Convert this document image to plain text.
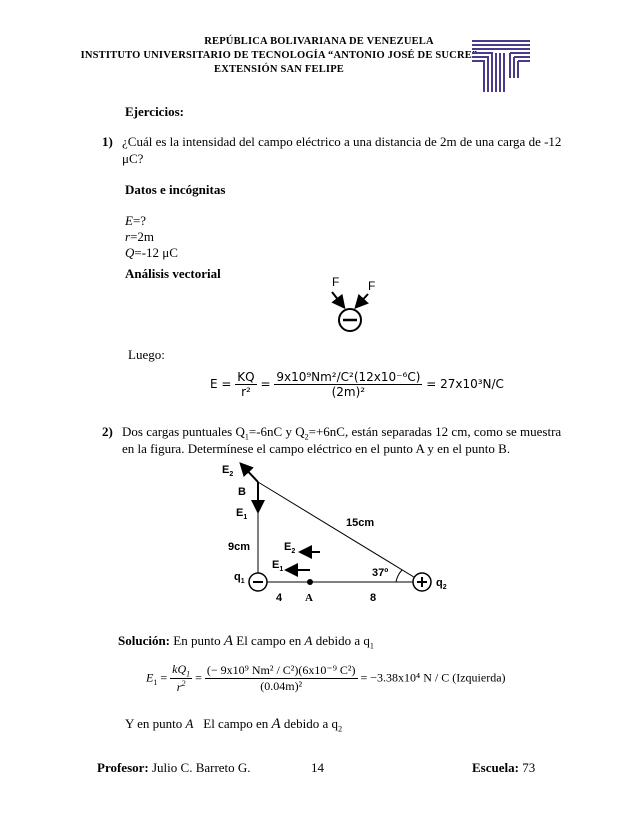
REPÚBLICA BOLIVARIANA DE VENEZUELA
INSTITUTO UNIVERSITARIO DE TECNOLOGÍA “ANTONIO JOSÉ DE SUCRE”
EXTENSIÓN SAN FELIPE
Ejercicios:
1) ¿Cuál es la intensidad del campo eléctrico a una distancia de 2m de una carga de -12
μC?
Datos e incógnitas
E=?
r=2m
Q=-12 μC
Análisis vectorial
F F
Luego:
$E = \frac{KQ}{\text{r²}} = \frac{\text{9x10⁹Nm²/C²(12x10⁻⁶C)}}{\text{(2m)²}} = 27x10^3N/C$
2) Dos cargas puntuales $Q_1=-6nC$ y $Q_2=+6nC$, están separadas 12 cm, como se muestra
en la figura. Determínese el campo eléctrico en el punto A y en el punto B.
$E_2$
B
$E_1$	15cm
9cm	$E_2$
$E_1$	37º
$q_1$	$q_2$
4 A	8
Solución: En punto A El campo en A debido a $q_1$
$E_1 = \frac{kQ_1}{r^2} = \frac{\text{(− 9x10⁹ Nm² / C²)(6x10⁻⁹ C²)}}{\text{(0.04m)²}} = -3.38x10^4$ N / C (Izquierda)
Y en punto A El campo en A debido a $q_2$
Profesor: Julio C. Barreto G.	14	Escuela: 73
